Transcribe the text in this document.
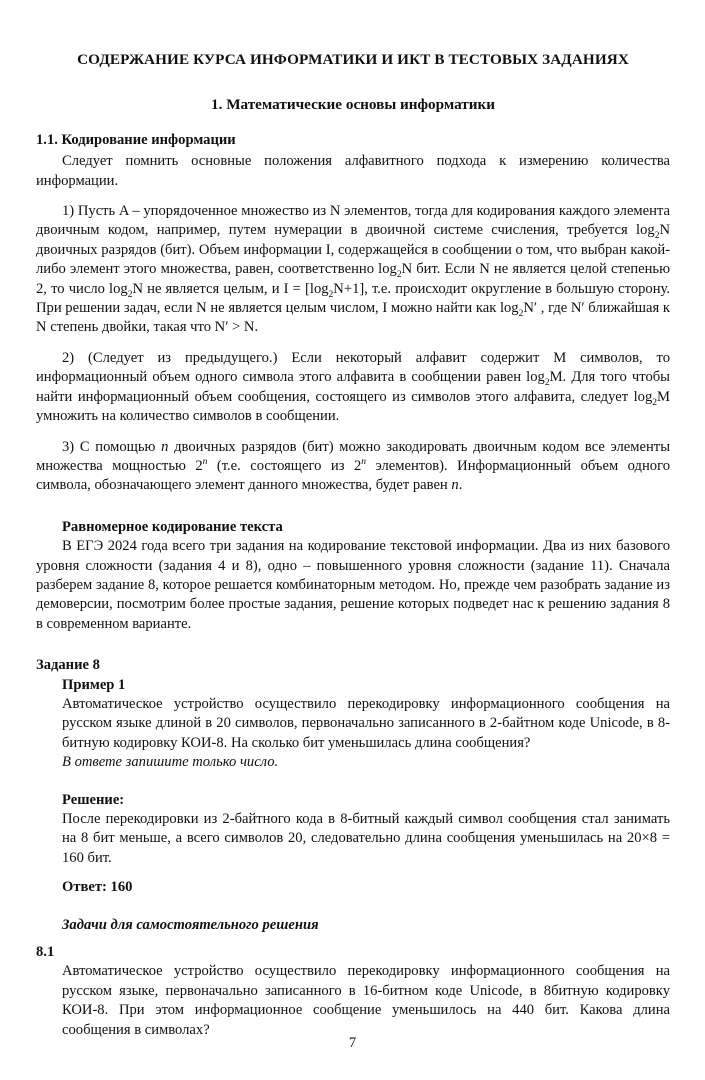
СОДЕРЖАНИЕ КУРСА ИНФОРМАТИКИ И ИКТ В ТЕСТОВЫХ ЗАДАНИЯХ
1. Математические основы информатики
1.1. Кодирование информации

Следует помнить основные положения алфавитного подхода к измерению количества информации.

1) Пусть A – упорядоченное множество из N элементов, тогда для кодирования каждого элемента двоичным кодом, например, путем нумерации в двоичной системе счисления, требуется $\log_2N$ двоичных разрядов (бит). Объем информации I, содержащейся в сообщении о том, что выбран какой-либо элемент этого множества, равен, соответственно $\log_2N$ бит. Если N не является целой степенью 2, то число $\log_2N$ не является целым, и $I = [\log_2N+1]$, т.е. происходит округление в большую сторону. При решении задач, если N не является целым числом, I можно найти как $\log_2N'$ , где N′ ближайшая к N степень двойки, такая что N′ > N.

2) (Следует из предыдущего.) Если некоторый алфавит содержит M символов, то информационный объем одного символа этого алфавита в сообщении равен $\log_2M$. Для того чтобы найти информационный объем сообщения, состоящего из символов этого алфавита, следует $\log_2M$ умножить на количество символов в сообщении.

3) С помощью n двоичных разрядов (бит) можно закодировать двоичным кодом все элементы множества мощностью 2$^n$ (т.е. состоящего из 2$^n$ элементов). Информационный объем одного символа, обозначающего элемент данного множества, будет равен n.

Равномерное кодирование текста

В ЕГЭ 2024 года всего три задания на кодирование текстовой информации. Два из них базового уровня сложности (задания 4 и 8), одно – повышенного уровня сложности (задание 11). Сначала разберем задание 8, которое решается комбинаторным методом. Но, прежде чем разобрать задание из демоверсии, посмотрим более простые задания, решение которых подведет нас к решению задания 8 в современном варианте.

Задание 8
Пример 1

Автоматическое устройство осуществило перекодировку информационного сообщения на русском языке длиной в 20 символов, первоначально записанного в 2-байтном коде Unicode, в 8-битную кодировку КОИ-8. На сколько бит уменьшилась длина сообщения?

В ответе запишите только число.
Решение:

После перекодировки из 2-байтного кода в 8-битный каждый символ сообщения стал занимать на 8 бит меньше, а всего символов 20, следовательно длина сообщения уменьшилась на 20×8 = 160 бит.

Ответ: 160
Задачи для самостоятельного решения
8.1

Автоматическое устройство осуществило перекодировку информационного сообщения на русском языке, первоначально записанного в 16-битном коде Unicode, в 8битную кодировку КОИ-8. При этом информационное сообщение уменьшилось на 440 бит. Какова длина сообщения в символах?

7
